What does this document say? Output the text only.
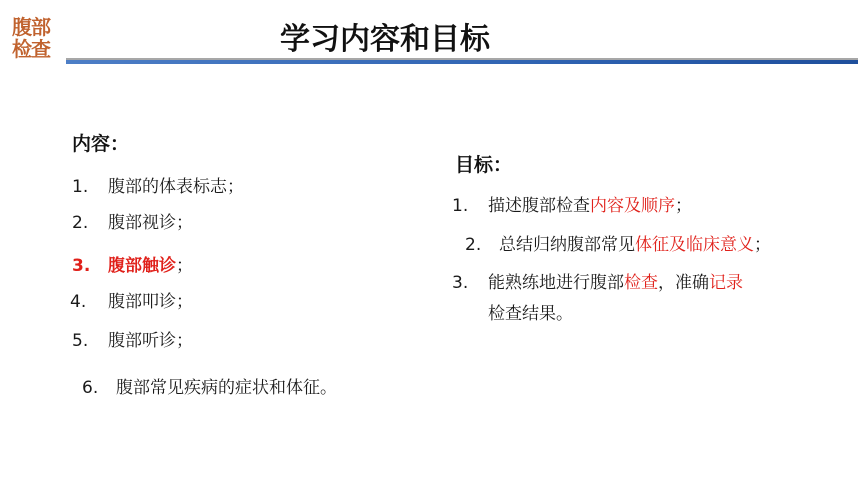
腹部
检查	学习内容和目标
内容：
1. 腹部的体表标志；
2. 腹部视诊；
3. 腹部触诊；
4. 腹部叩诊；
5. 腹部听诊；
6. 腹部常见疾病的症状和体征。
目标：
1. 描述腹部检查内容及顺序；
2. 总结归纳腹部常见体征及临床意义；
3. 能熟练地进行腹部检查，准确记录
检查结果。
